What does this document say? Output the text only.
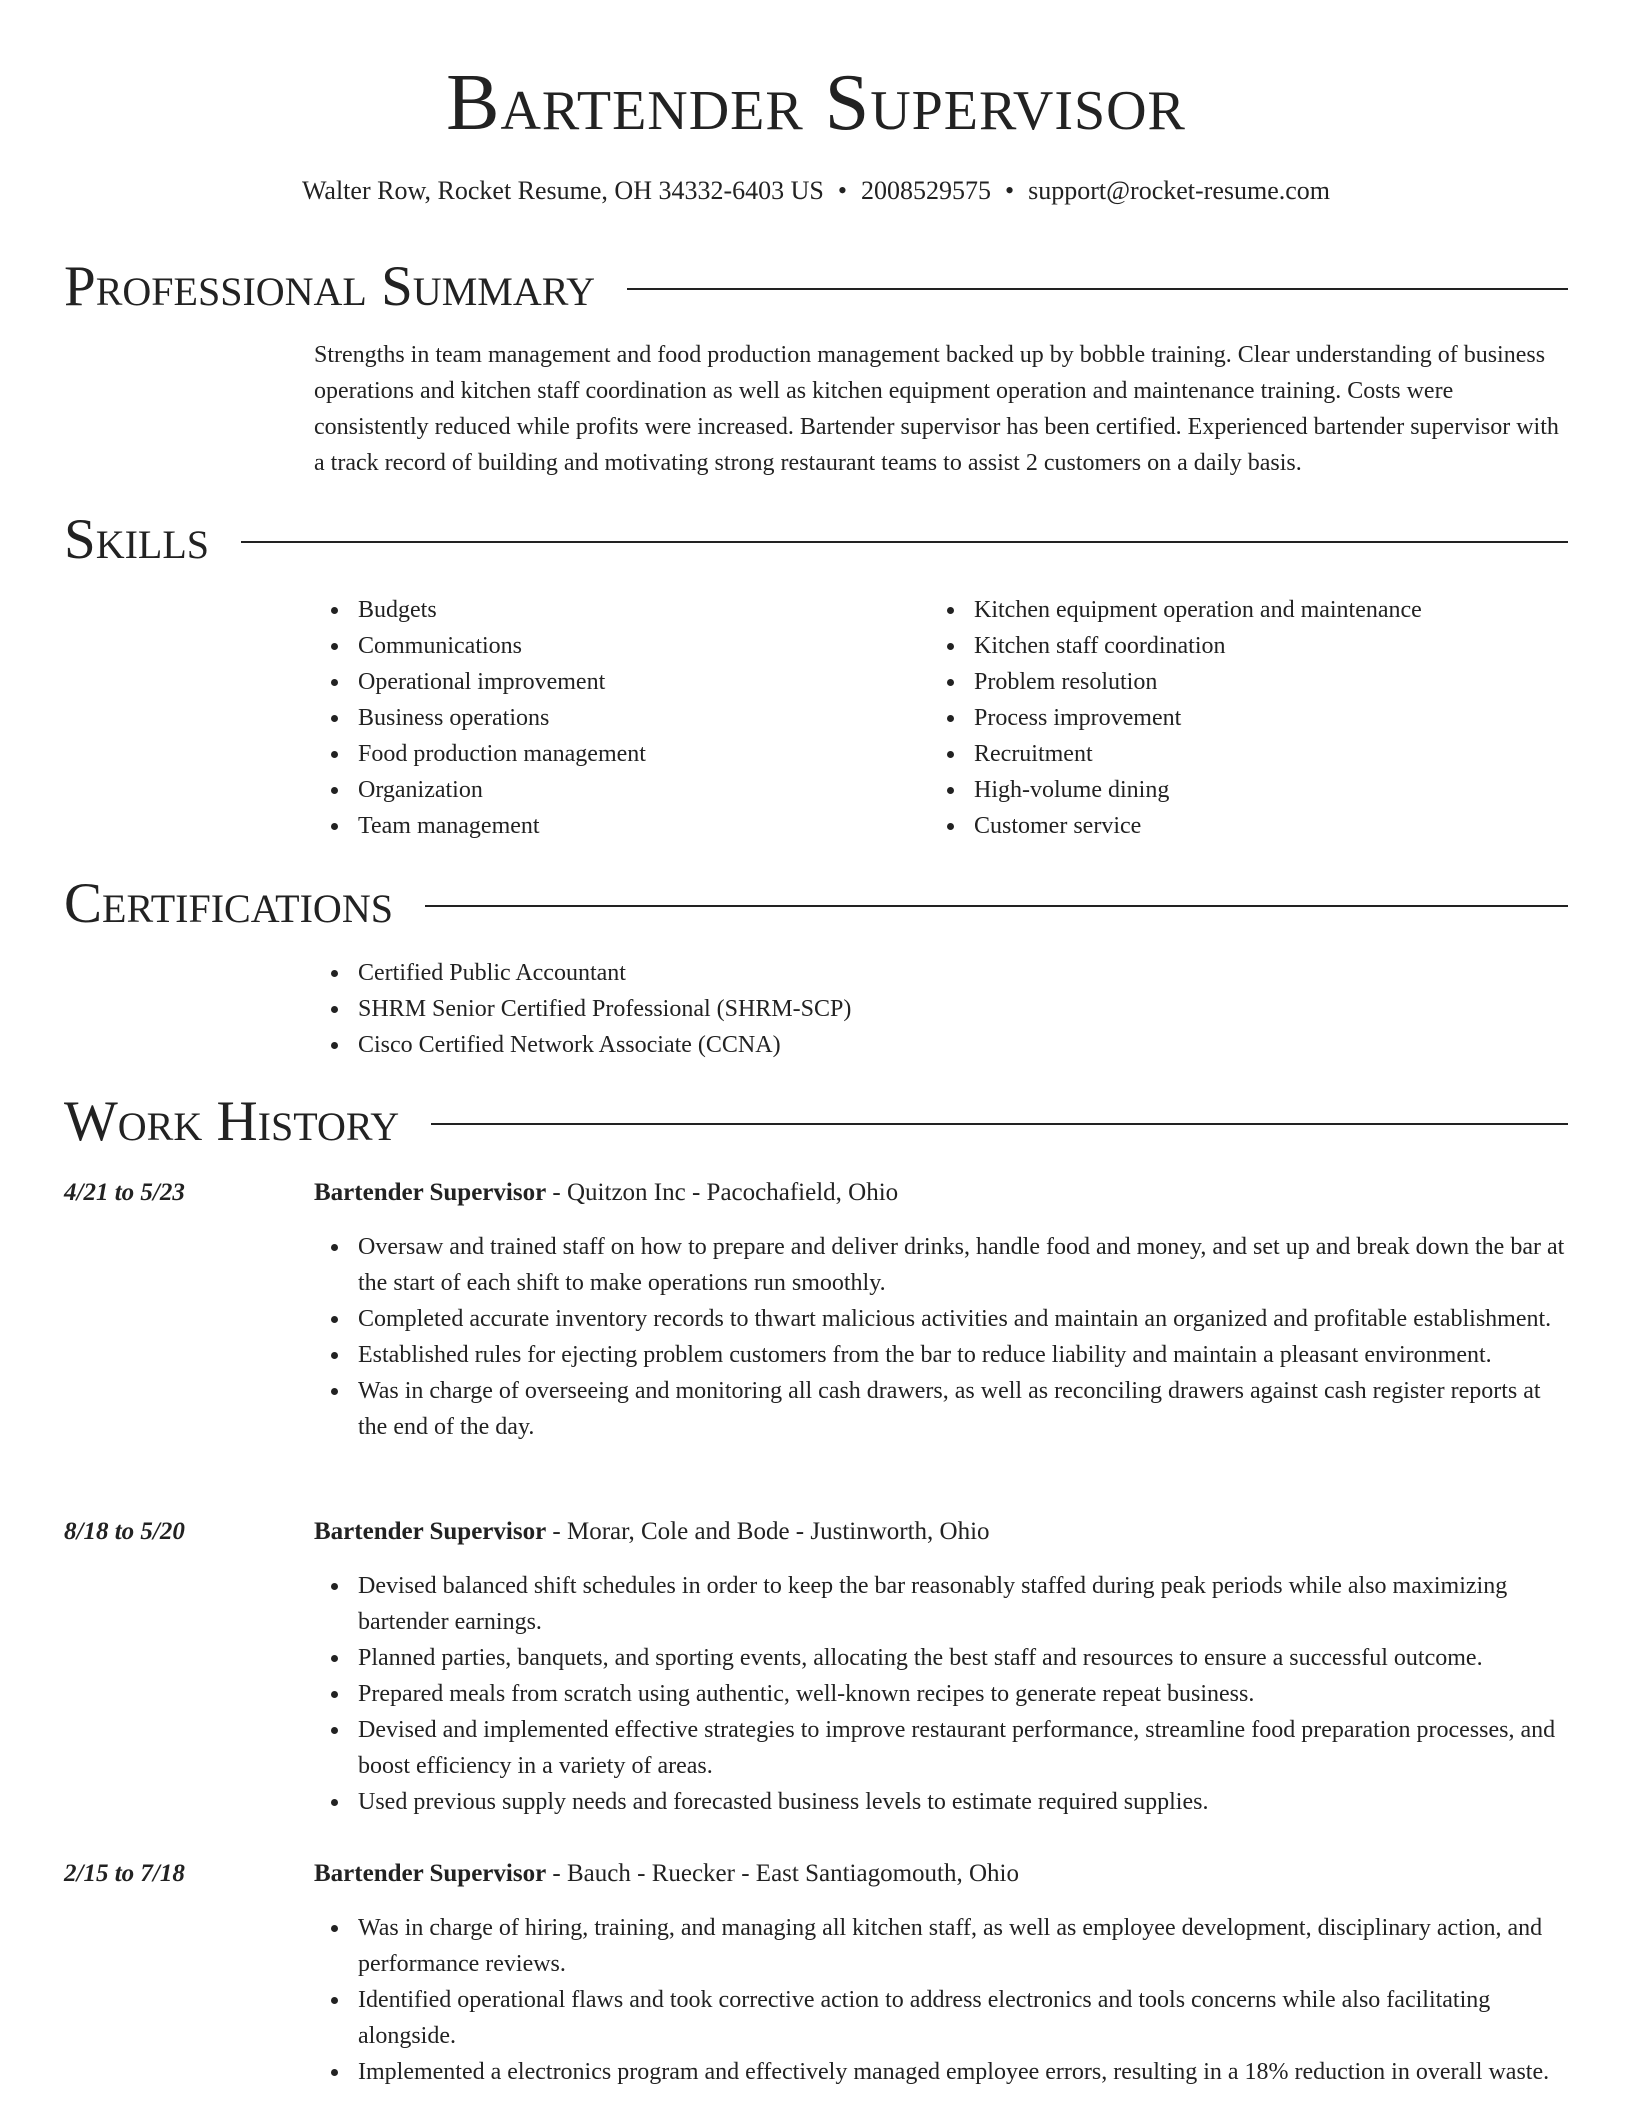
Bartender Supervisor
Walter Row, Rocket Resume, OH 34332-6403 US • 2008529575 • support@rocket-resume.com
Professional Summary

Strengths in team management and food production management backed up by bobble training. Clear understanding of business operations and kitchen staff coordination as well as kitchen equipment operation and maintenance training. Costs were consistently reduced while profits were increased. Bartender supervisor has been certified. Experienced bartender supervisor with a track record of building and motivating strong restaurant teams to assist 2 customers on a daily basis.

Skills
Budgets
Communications
Operational improvement
Business operations
Food production management
Organization
Team management
Kitchen equipment operation and maintenance
Kitchen staff coordination
Problem resolution
Process improvement
Recruitment
High-volume dining
Customer service
Certifications
Certified Public Accountant
SHRM Senior Certified Professional (SHRM-SCP)
Cisco Certified Network Associate (CCNA)
Work History
4/21 to 5/23	Bartender Supervisor - Quitzon Inc - Pacochafield, Ohio
Oversaw and trained staff on how to prepare and deliver drinks, handle food and money, and set up and break down the bar at the start of each shift to make operations run smoothly.
Completed accurate inventory records to thwart malicious activities and maintain an organized and profitable establishment.
Established rules for ejecting problem customers from the bar to reduce liability and maintain a pleasant environment.
Was in charge of overseeing and monitoring all cash drawers, as well as reconciling drawers against cash register reports at the end of the day.
8/18 to 5/20	Bartender Supervisor - Morar, Cole and Bode - Justinworth, Ohio
Devised balanced shift schedules in order to keep the bar reasonably staffed during peak periods while also maximizing bartender earnings.
Planned parties, banquets, and sporting events, allocating the best staff and resources to ensure a successful outcome.
Prepared meals from scratch using authentic, well-known recipes to generate repeat business.
Devised and implemented effective strategies to improve restaurant performance, streamline food preparation processes, and boost efficiency in a variety of areas.
Used previous supply needs and forecasted business levels to estimate required supplies.
2/15 to 7/18	Bartender Supervisor - Bauch - Ruecker - East Santiagomouth, Ohio
Was in charge of hiring, training, and managing all kitchen staff, as well as employee development, disciplinary action, and performance reviews.
Identified operational flaws and took corrective action to address electronics and tools concerns while also facilitating alongside.
Implemented a electronics program and effectively managed employee errors, resulting in a 18% reduction in overall waste.
